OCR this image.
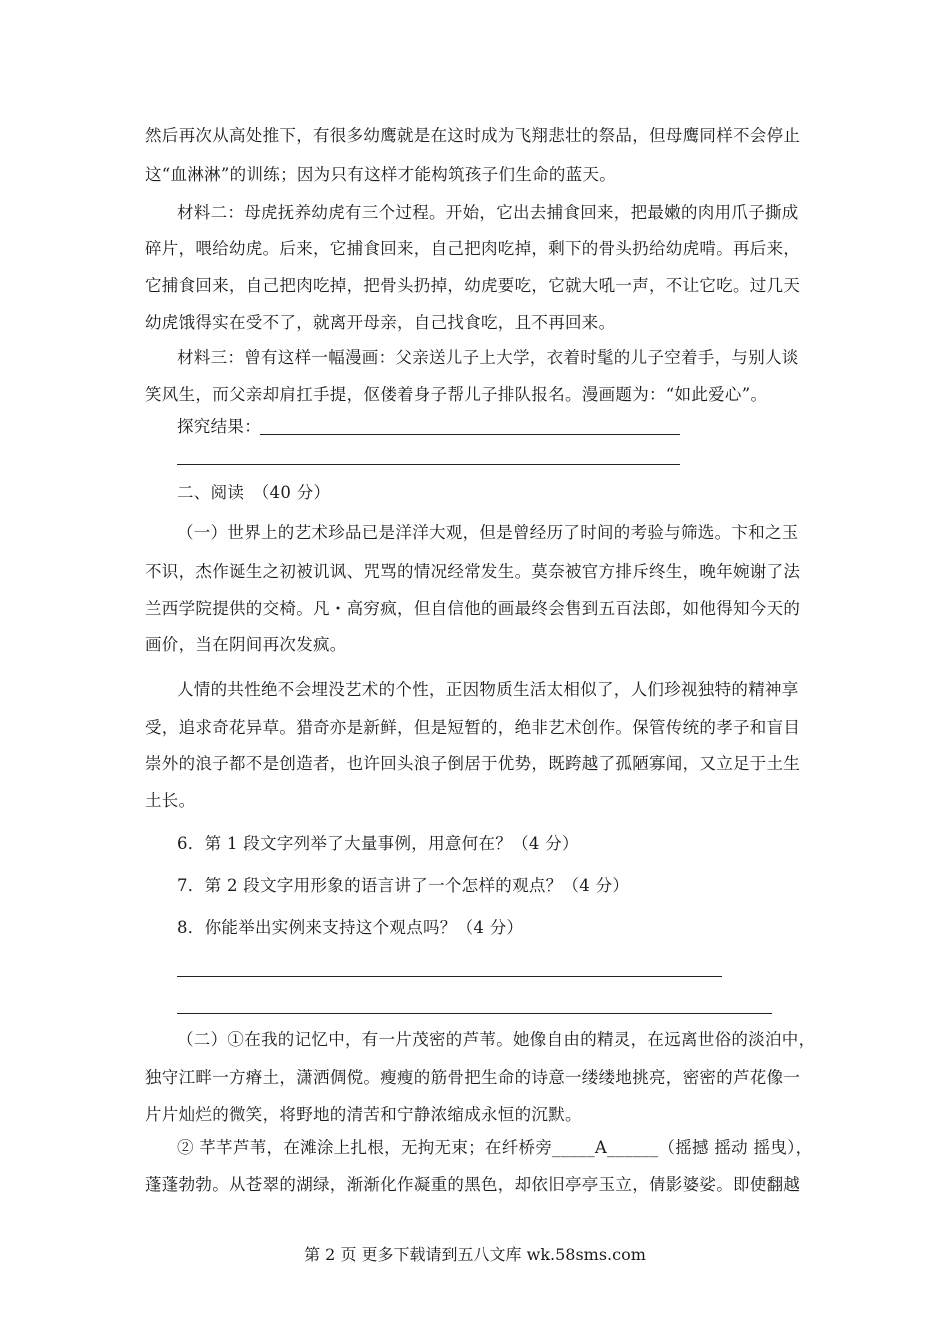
然后再次从高处推下，有很多幼鹰就是在这时成为飞翔悲壮的祭品，但母鹰同样不会停止
这“血淋淋”的训练；因为只有这样才能构筑孩子们生命的蓝天。
材料二：母虎抚养幼虎有三个过程。开始，它出去捕食回来，把最嫩的肉用爪子撕成
碎片，喂给幼虎。后来，它捕食回来，自己把肉吃掉，剩下的骨头扔给幼虎啃。再后来，
它捕食回来，自己把肉吃掉，把骨头扔掉，幼虎要吃，它就大吼一声，不让它吃。过几天
幼虎饿得实在受不了，就离开母亲，自己找食吃，且不再回来。
材料三：曾有这样一幅漫画：父亲送儿子上大学，衣着时髦的儿子空着手，与别人谈
笑风生，而父亲却肩扛手提，伛偻着身子帮儿子排队报名。漫画题为：“如此爱心”。
探究结果：
二、阅读　（40 分）
（一）世界上的艺术珍品已是洋洋大观，但是曾经历了时间的考验与筛选。卞和之玉
不识，杰作诞生之初被讥讽、咒骂的情况经常发生。莫奈被官方排斥终生，晚年婉谢了法
兰西学院提供的交椅。凡・高穷疯，但自信他的画最终会售到五百法郎，如他得知今天的
画价，当在阴间再次发疯。
人情的共性绝不会埋没艺术的个性，正因物质生活太相似了，人们珍视独特的精神享
受，追求奇花异草。猎奇亦是新鲜，但是短暂的，绝非艺术创作。保管传统的孝子和盲目
崇外的浪子都不是创造者，也许回头浪子倒居于优势，既跨越了孤陋寡闻，又立足于土生
土长。
6．第 1 段文字列举了大量事例，用意何在？（4 分）
7．第 2 段文字用形象的语言讲了一个怎样的观点？（4 分）
8．你能举出实例来支持这个观点吗？（4 分）
（二）①在我的记忆中，有一片茂密的芦苇。她像自由的精灵，在远离世俗的淡泊中，
独守江畔一方瘠土，潇洒倜傥。瘦瘦的筋骨把生命的诗意一缕缕地挑亮，密密的芦花像一
片片灿烂的微笑，将野地的清苦和宁静浓缩成永恒的沉默。
② 芊芊芦苇，在滩涂上扎根，无拘无束；在纤桥旁_____A______（摇撼 摇动 摇曳），
蓬蓬勃勃。从苍翠的湖绿，渐渐化作凝重的黑色，却依旧亭亭玉立，倩影婆娑。即使翻越
第 2 页 更多下载请到五八文库 wk.58sms.com
